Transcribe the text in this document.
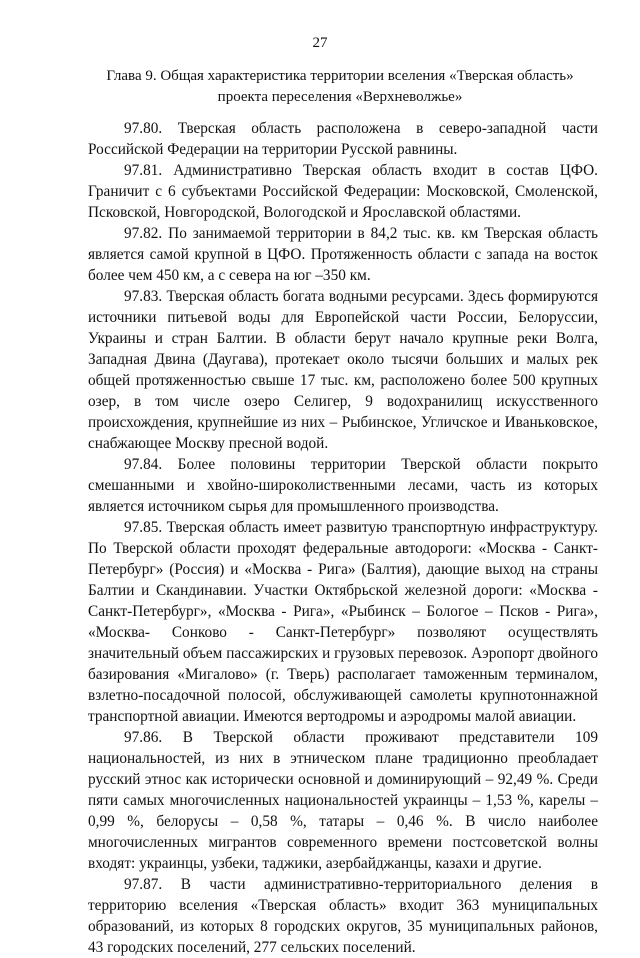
27
Глава 9. Общая характеристика территории вселения «Тверская область» проекта переселения «Верхневолжье»

97.80. Тверская область расположена в северо-западной части Российской Федерации на территории Русской равнины.

97.81. Административно Тверская область входит в состав ЦФО. Граничит с 6 субъектами Российской Федерации: Московской, Смоленской, Псковской, Новгородской, Вологодской и Ярославской областями.

97.82. По занимаемой территории в 84,2 тыс. кв. км Тверская область является самой крупной в ЦФО. Протяженность области с запада на восток более чем 450 км, а с севера на юг –350 км.

97.83. Тверская область богата водными ресурсами. Здесь формируются источники питьевой воды для Европейской части России, Белоруссии, Украины и стран Балтии. В области берут начало крупные реки Волга, Западная Двина (Даугава), протекает около тысячи больших и малых рек общей протяженностью свыше 17 тыс. км, расположено более 500 крупных озер, в том числе озеро Селигер, 9 водохранилищ искусственного происхождения, крупнейшие из них – Рыбинское, Угличское и Иваньковское, снабжающее Москву пресной водой.

97.84. Более половины территории Тверской области покрыто смешанными и хвойно-широколиственными лесами, часть из которых является источником сырья для промышленного производства.

97.85. Тверская область имеет развитую транспортную инфраструктуру. По Тверской области проходят федеральные автодороги: «Москва - Санкт-Петербург» (Россия) и «Москва - Рига» (Балтия), дающие выход на страны Балтии и Скандинавии. Участки Октябрьской железной дороги: «Москва - Санкт-Петербург», «Москва - Рига», «Рыбинск – Бологое – Псков - Рига», «Москва- Сонково - Санкт-Петербург» позволяют осуществлять значительный объем пассажирских и грузовых перевозок. Аэропорт двойного базирования «Мигалово» (г. Тверь) располагает таможенным терминалом, взлетно-посадочной полосой, обслуживающей самолеты крупнотоннажной транспортной авиации. Имеются вертодромы и аэродромы малой авиации.

97.86. В Тверской области проживают представители 109 национальностей, из них в этническом плане традиционно преобладает русский этнос как исторически основной и доминирующий – 92,49 %. Среди пяти самых многочисленных национальностей украинцы – 1,53 %, карелы – 0,99 %, белорусы – 0,58 %, татары – 0,46 %. В число наиболее многочисленных мигрантов современного времени постсоветской волны входят: украинцы, узбеки, таджики, азербайджанцы, казахи и другие.

97.87. В части административно-территориального деления в территорию вселения «Тверская область» входит 363 муниципальных образований, из которых 8 городских округов, 35 муниципальных районов, 43 городских поселений, 277 сельских поселений.
